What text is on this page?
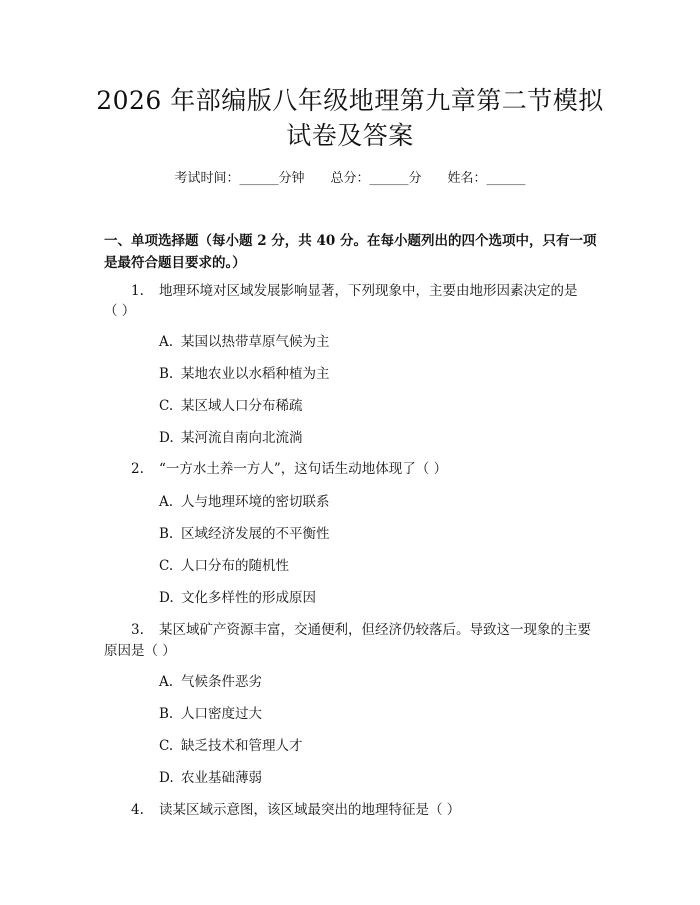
2026 年部编版八年级地理第九章第二节模拟
试卷及答案
考试时间：______分钟 总分：______分 姓名：______
一、单项选择题（每小题 2 分，共 40 分。在每小题列出的四个选项中，只有一项
是最符合题目要求的。）
1. 地理环境对区域发展影响显著，下列现象中，主要由地形因素决定的是
（ ）
A. 某国以热带草原气候为主
B. 某地农业以水稻种植为主
C. 某区域人口分布稀疏
D. 某河流自南向北流淌
2. “一方水土养一方人”，这句话生动地体现了（ ）
A. 人与地理环境的密切联系
B. 区域经济发展的不平衡性
C. 人口分布的随机性
D. 文化多样性的形成原因
3. 某区域矿产资源丰富，交通便利，但经济仍较落后。导致这一现象的主要
原因是（ ）
A. 气候条件恶劣
B. 人口密度过大
C. 缺乏技术和管理人才
D. 农业基础薄弱
4. 读某区域示意图，该区域最突出的地理特征是（ ）
